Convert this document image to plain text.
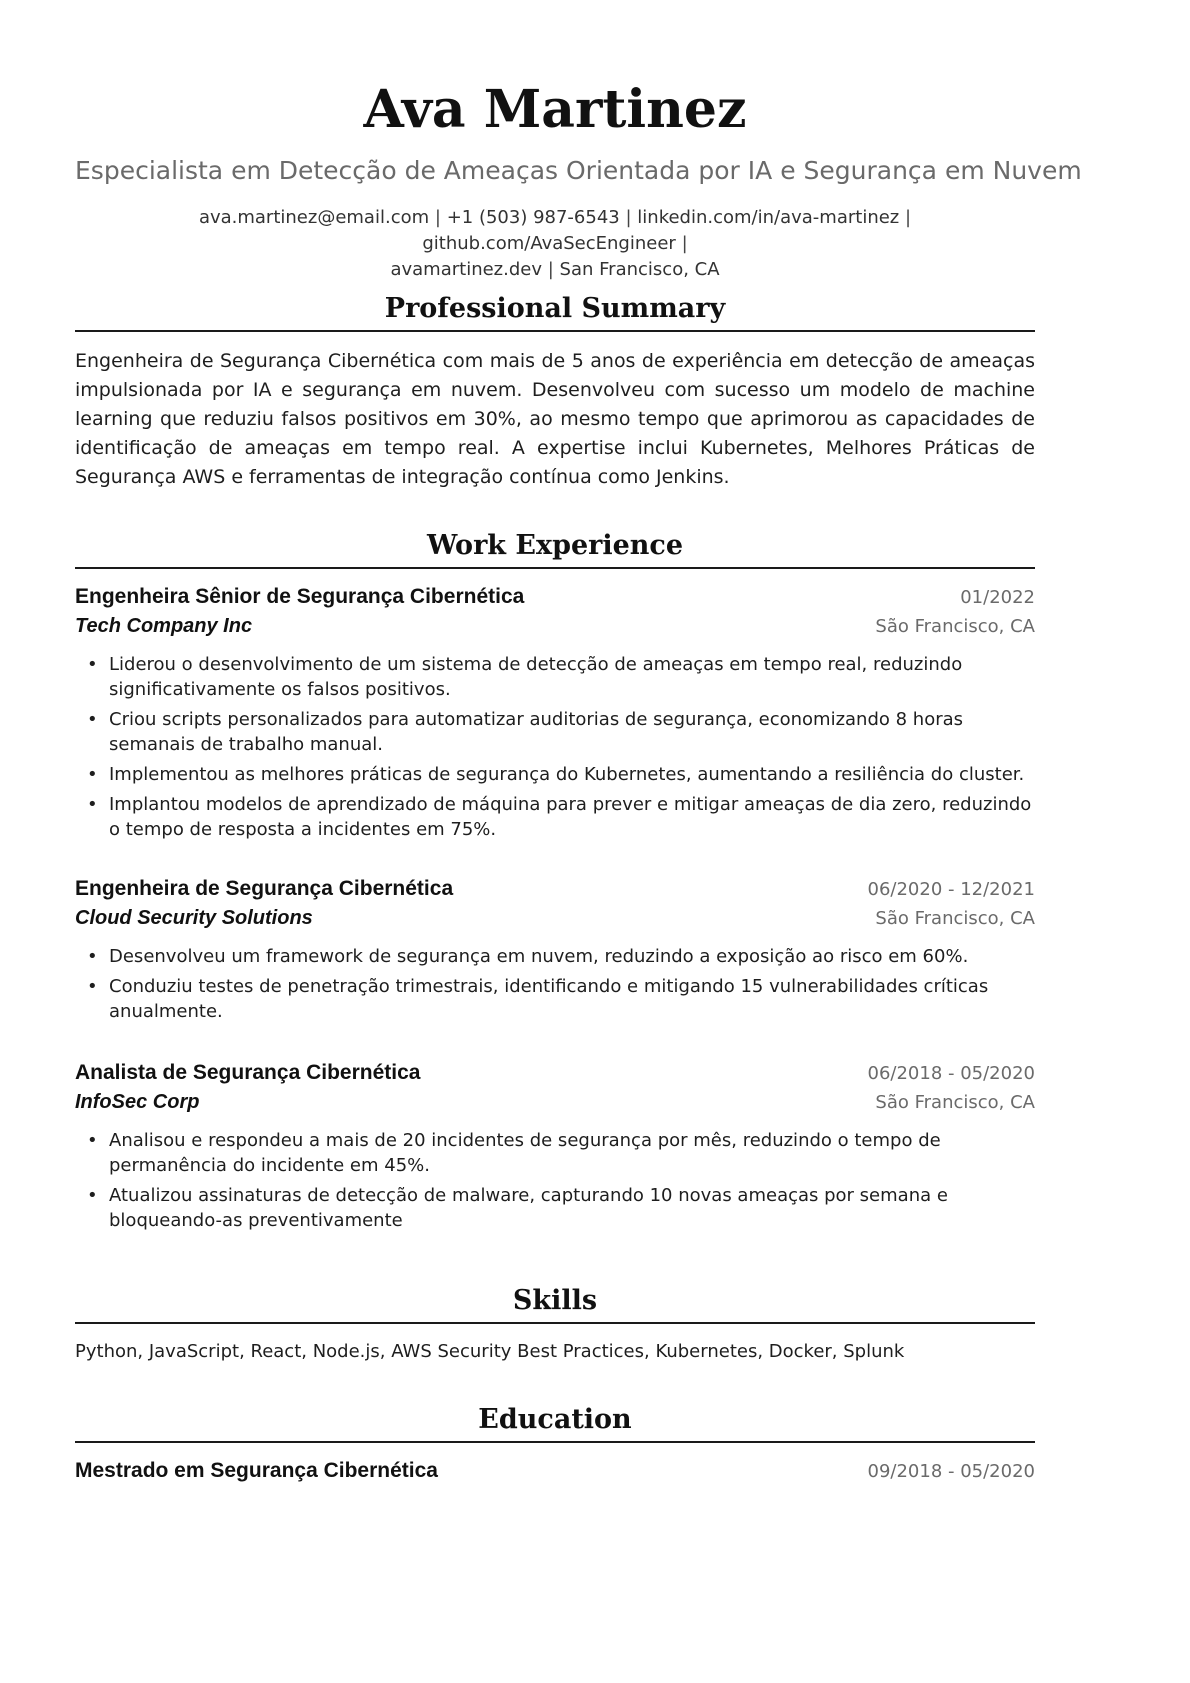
Ava Martinez
Especialista em Detecção de Ameaças Orientada por IA e Segurança em Nuvem
ava.martinez@email.com | +1 (503) 987-6543 | linkedin.com/in/ava-martinez | github.com/AvaSecEngineer |
avamartinez.dev | San Francisco, CA
Professional Summary
Engenheira de Segurança Cibernética com mais de 5 anos de experiência em detecção de ameaças impulsionada por IA e segurança em nuvem. Desenvolveu com sucesso um modelo de machine learning que reduziu falsos positivos em 30%, ao mesmo tempo que aprimorou as capacidades de identificação de ameaças em tempo real. A expertise inclui Kubernetes, Melhores Práticas de Segurança AWS e ferramentas de integração contínua como Jenkins.
Work Experience
Engenheira Sênior de Segurança Cibernética	01/2022
Tech Company Inc	São Francisco, CA
• Liderou o desenvolvimento de um sistema de detecção de ameaças em tempo real, reduzindo significativamente os falsos positivos.
• Criou scripts personalizados para automatizar auditorias de segurança, economizando 8 horas semanais de trabalho manual.
• Implementou as melhores práticas de segurança do Kubernetes, aumentando a resiliência do cluster.
• Implantou modelos de aprendizado de máquina para prever e mitigar ameaças de dia zero, reduzindo o tempo de resposta a incidentes em 75%.
Engenheira de Segurança Cibernética	06/2020 - 12/2021
Cloud Security Solutions	São Francisco, CA
• Desenvolveu um framework de segurança em nuvem, reduzindo a exposição ao risco em 60%.
• Conduziu testes de penetração trimestrais, identificando e mitigando 15 vulnerabilidades críticas anualmente.
Analista de Segurança Cibernética	06/2018 - 05/2020
InfoSec Corp	São Francisco, CA
• Analisou e respondeu a mais de 20 incidentes de segurança por mês, reduzindo o tempo de permanência do incidente em 45%.
• Atualizou assinaturas de detecção de malware, capturando 10 novas ameaças por semana e bloqueando-as preventivamente
Skills
Python, JavaScript, React, Node.js, AWS Security Best Practices, Kubernetes, Docker, Splunk
Education
Mestrado em Segurança Cibernética	09/2018 - 05/2020
